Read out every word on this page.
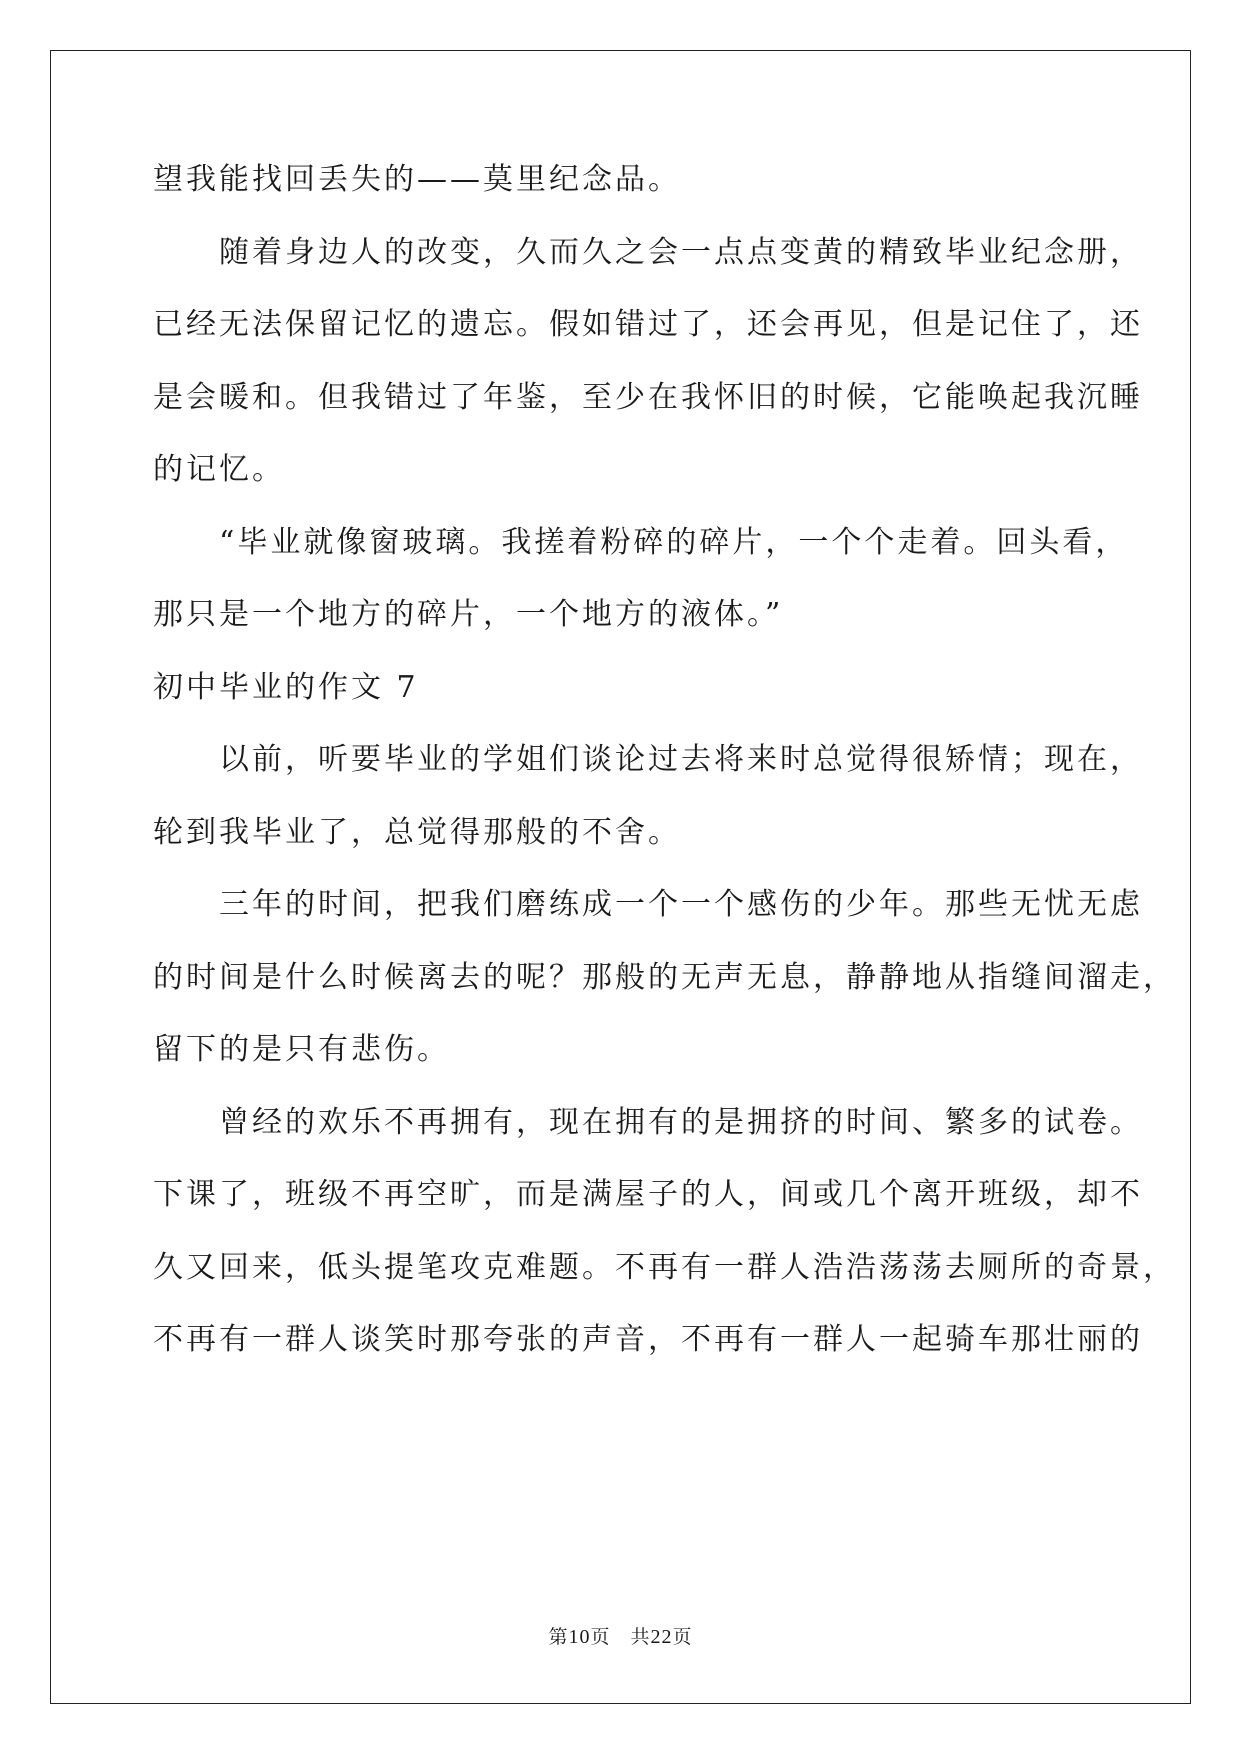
望我能找回丢失的——莫里纪念品。
　　随着身边人的改变，久而久之会一点点变黄的精致毕业纪念册，
已经无法保留记忆的遗忘。假如错过了，还会再见，但是记住了，还
是会暖和。但我错过了年鉴，至少在我怀旧的时候，它能唤起我沉睡
的记忆。
　　“毕业就像窗玻璃。我搓着粉碎的碎片，一个个走着。回头看，
那只是一个地方的碎片，一个地方的液体。”
初中毕业的作文 7
　　以前，听要毕业的学姐们谈论过去将来时总觉得很矫情；现在，
轮到我毕业了，总觉得那般的不舍。
　　三年的时间，把我们磨练成一个一个感伤的少年。那些无忧无虑
的时间是什么时候离去的呢？那般的无声无息，静静地从指缝间溜走，
留下的是只有悲伤。
　　曾经的欢乐不再拥有，现在拥有的是拥挤的时间、繁多的试卷。
下课了，班级不再空旷，而是满屋子的人，间或几个离开班级，却不
久又回来，低头提笔攻克难题。不再有一群人浩浩荡荡去厕所的奇景，
不再有一群人谈笑时那夸张的声音，不再有一群人一起骑车那壮丽的
第10页　共22页
